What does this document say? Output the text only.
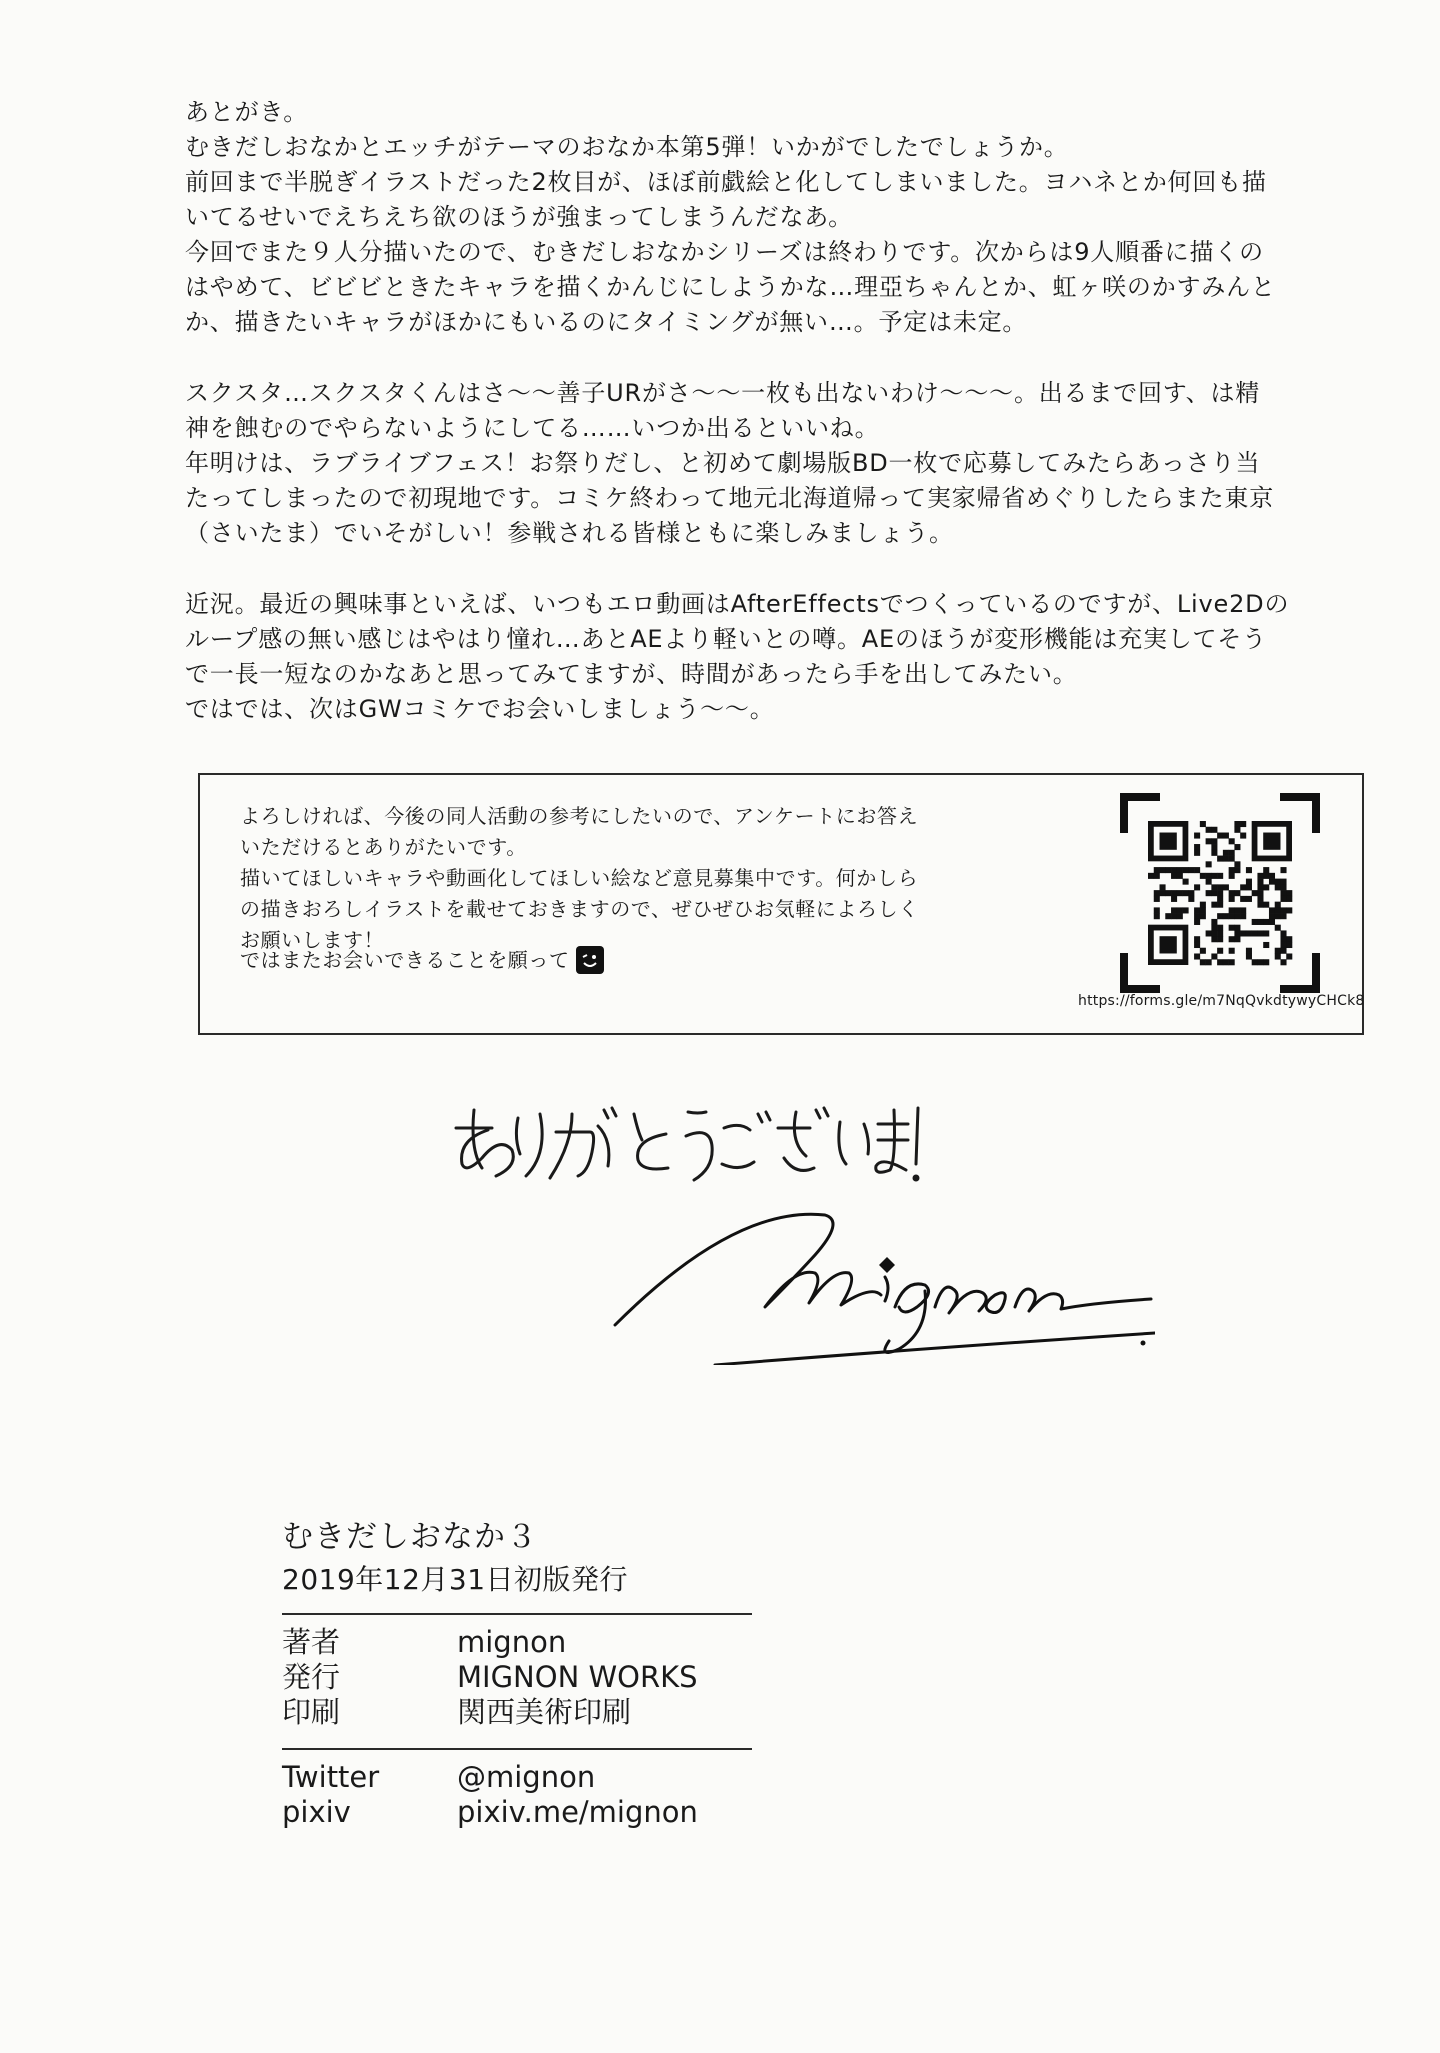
あとがき。
むきだしおなかとエッチがテーマのおなか本第5弾！いかがでしたでしょうか。
前回まで半脱ぎイラストだった2枚目が、ほぼ前戯絵と化してしまいました。ヨハネとか何回も描
いてるせいでえちえち欲のほうが強まってしまうんだなあ。
今回でまた９人分描いたので、むきだしおなかシリーズは終わりです。次からは9人順番に描くの
はやめて、ビビビときたキャラを描くかんじにしようかな…理亞ちゃんとか、虹ヶ咲のかすみんと
か、描きたいキャラがほかにもいるのにタイミングが無い…。予定は未定。
スクスタ…スクスタくんはさ～～善子URがさ～～一枚も出ないわけ～～～。出るまで回す、は精
神を蝕むのでやらないようにしてる……いつか出るといいね。
年明けは、ラブライブフェス！お祭りだし、と初めて劇場版BD一枚で応募してみたらあっさり当
たってしまったので初現地です。コミケ終わって地元北海道帰って実家帰省めぐりしたらまた東京
（さいたま）でいそがしい！参戦される皆様ともに楽しみましょう。
近況。最近の興味事といえば、いつもエロ動画はAfterEffectsでつくっているのですが、Live2Dの
ループ感の無い感じはやはり憧れ…あとAEより軽いとの噂。AEのほうが変形機能は充実してそう
で一長一短なのかなあと思ってみてますが、時間があったら手を出してみたい。
ではでは、次はGWコミケでお会いしましょう～～。
よろしければ、今後の同人活動の参考にしたいので、アンケートにお答え
いただけるとありがたいです。
描いてほしいキャラや動画化してほしい絵など意見募集中です。何かしら
の描きおろしイラストを載せておきますので、ぜひぜひお気軽によろしく
お願いします！
ではまたお会いできることを願って
https://forms.gle/m7NqQvkdtywyCHCk8

むきだしおなか３

2019年12月31日初版発行

著者	mignon
発行	MIGNON WORKS
印刷	関西美術印刷
Twitter	@mignon
pixiv	pixiv.me/mignon
